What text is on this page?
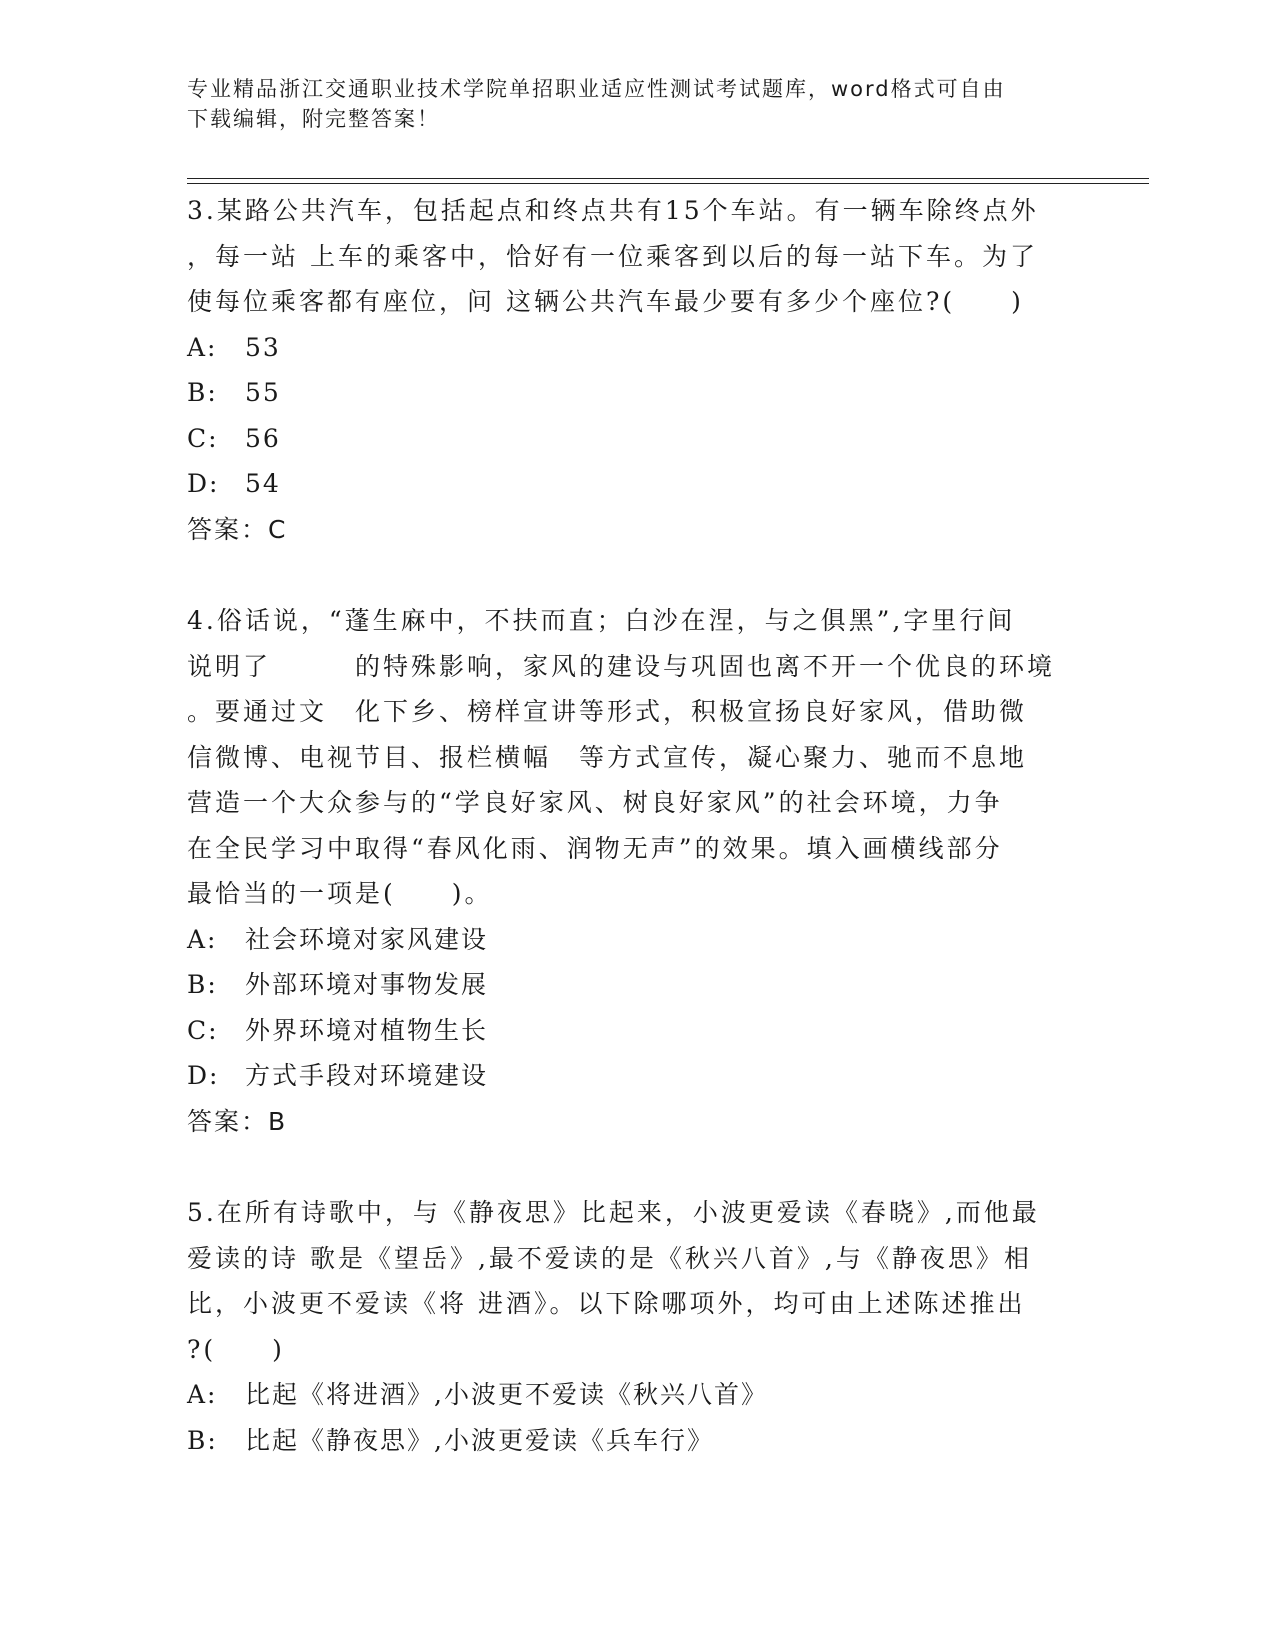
专业精品浙江交通职业技术学院单招职业适应性测试考试题库，word格式可自由
下载编辑，附完整答案！

3.某路公共汽车，包括起点和终点共有15个车站。有一辆车除终点外

，每一站 上车的乘客中，恰好有一位乘客到以后的每一站下车。为了

使每位乘客都有座位，问 这辆公共汽车最少要有多少个座位?(　　)

A: 53

B: 55

C: 56

D: 54

答案：C

4.俗话说，“蓬生麻中，不扶而直；白沙在涅，与之俱黑”,字里行间

说明了　　　的特殊影响，家风的建设与巩固也离不开一个优良的环境

。要通过文　化下乡、榜样宣讲等形式，积极宣扬良好家风，借助微

信微博、电视节目、报栏横幅　等方式宣传，凝心聚力、驰而不息地

营造一个大众参与的“学良好家风、树良好家风”的社会环境，力争

在全民学习中取得“春风化雨、润物无声”的效果。填入画横线部分

最恰当的一项是(　　)。

A: 社会环境对家风建设

B: 外部环境对事物发展

C: 外界环境对植物生长

D: 方式手段对环境建设

答案：B

5.在所有诗歌中，与《静夜思》比起来，小波更爱读《春晓》,而他最

爱读的诗 歌是《望岳》,最不爱读的是《秋兴八首》,与《静夜思》相

比，小波更不爱读《将 进酒》。以下除哪项外，均可由上述陈述推出

?(　　)

A: 比起《将进酒》,小波更不爱读《秋兴八首》

B: 比起《静夜思》,小波更爱读《兵车行》
